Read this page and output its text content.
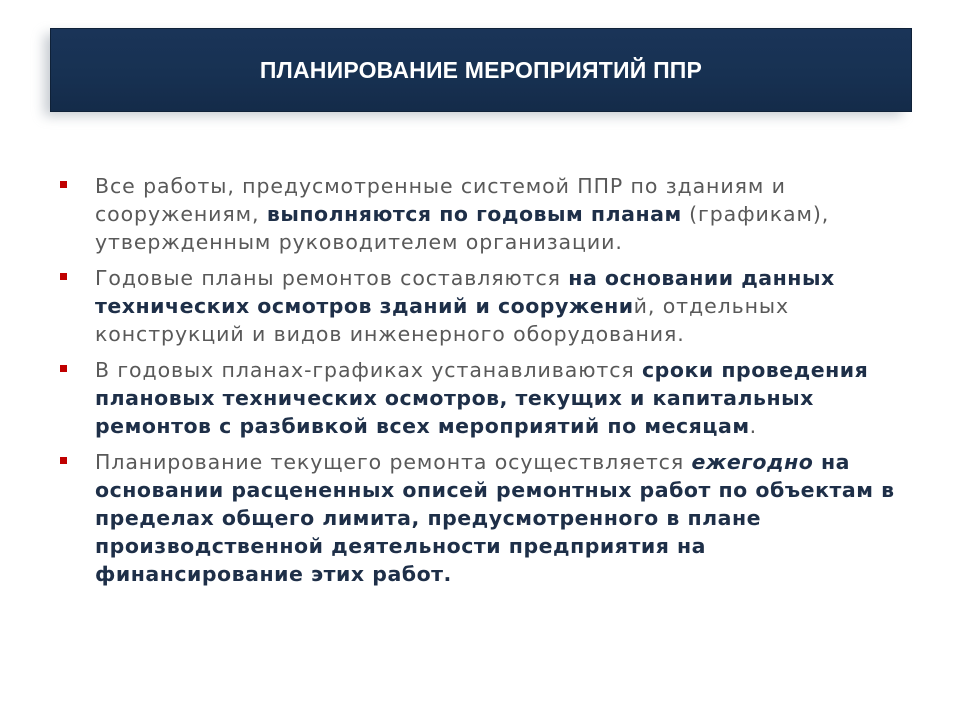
ПЛАНИРОВАНИЕ МЕРОПРИЯТИЙ ППР
Все работы, предусмотренные системой ППР по зданиям и сооружениям, выполняются по годовым планам (графикам), утвержденным руководителем организации.
Годовые планы ремонтов составляются на основании данных технических осмотров зданий и сооружений, отдельных конструкций и видов инженерного оборудования.
В годовых планах-графиках устанавливаются сроки проведения плановых технических осмотров, текущих и капитальных ремонтов с разбивкой всех мероприятий по месяцам.
Планирование текущего ремонта осуществляется ежегодно на основании расцененных описей ремонтных работ по объектам в пределах общего лимита, предусмотренного в плане производственной деятельности предприятия на финансирование этих работ.
